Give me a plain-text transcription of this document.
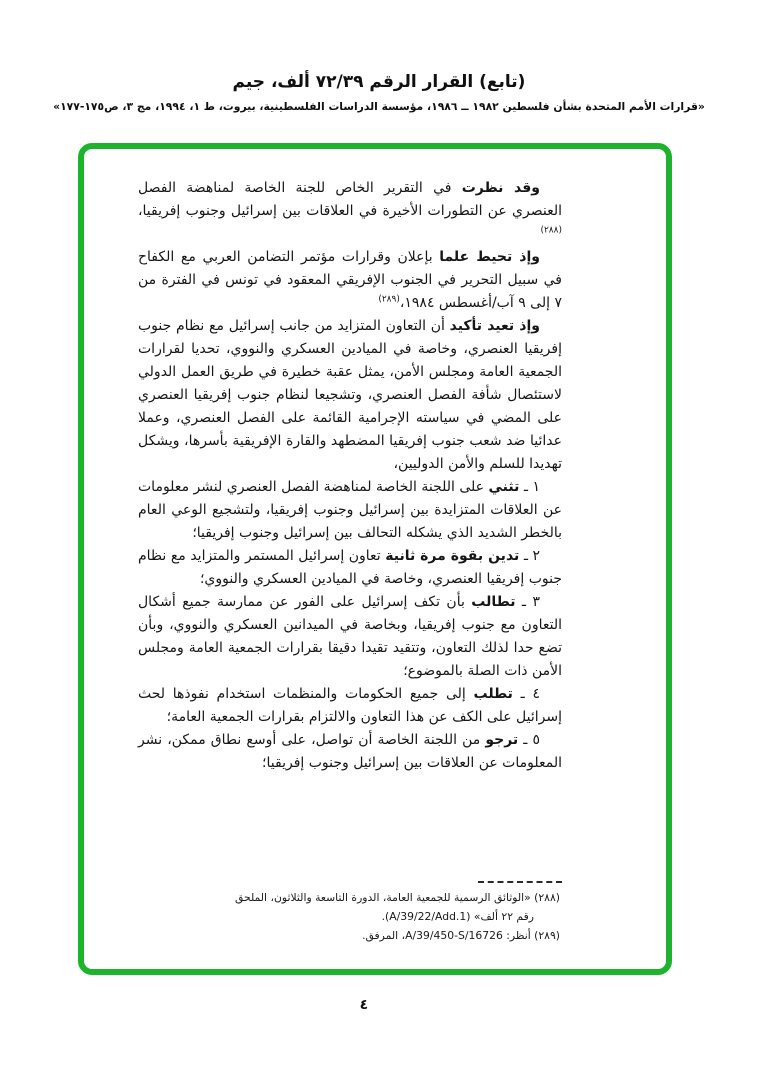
(تابع) القرار الرقم ٧٢/٣٩ ألف، جيم
«قرارات الأمم المتحدة بشأن فلسطين ١٩٨٢ ــ ١٩٨٦، مؤسسة الدراسات الفلسطينية، بيروت، ط ١، ١٩٩٤، مج ٣، ص١٧٥-١٧٧»

وقد نظرت في التقرير الخاص للجنة الخاصة لمناهضة الفصل العنصري عن التطورات الأخيرة في العلاقات بين إسرائيل وجنوب إفريقيا،$^{(٢٨٨)}$

وإذ تحيط علما بإعلان وقرارات مؤتمر التضامن العربي مع الكفاح في سبيل التحرير في الجنوب الإفريقي المعقود في تونس في الفترة من ٧ إلى ٩ آب/أغسطس ١٩٨٤،$^{(٢٨٩)}$

وإذ تعيد تأكيد أن التعاون المتزايد من جانب إسرائيل مع نظام جنوب إفريقيا العنصري، وخاصة في الميادين العسكري والنووي، تحديا لقرارات الجمعية العامة ومجلس الأمن، يمثل عقبة خطيرة في طريق العمل الدولي لاستئصال شأفة الفصل العنصري، وتشجيعا لنظام جنوب إفريقيا العنصري على المضي في سياسته الإجرامية القائمة على الفصل العنصري، وعملا عدائيا ضد شعب جنوب إفريقيا المضطهد والقارة الإفريقية بأسرها، ويشكل تهديدا للسلم والأمن الدوليين،

١ ـ تثني على اللجنة الخاصة لمناهضة الفصل العنصري لنشر معلومات عن العلاقات المتزايدة بين إسرائيل وجنوب إفريقيا، ولتشجيع الوعي العام بالخطر الشديد الذي يشكله التحالف بين إسرائيل وجنوب إفريقيا؛

٢ ـ تدين بقوة مرة ثانية تعاون إسرائيل المستمر والمتزايد مع نظام جنوب إفريقيا العنصري، وخاصة في الميادين العسكري والنووي؛

٣ ـ تطالب بأن تكف إسرائيل على الفور عن ممارسة جميع أشكال التعاون مع جنوب إفريقيا، وبخاصة في الميدانين العسكري والنووي، وبأن تضع حدا لذلك التعاون، وتتقيد تقيدا دقيقا بقرارات الجمعية العامة ومجلس الأمن ذات الصلة بالموضوع؛

٤ ـ تطلب إلى جميع الحكومات والمنظمات استخدام نفوذها لحث إسرائيل على الكف عن هذا التعاون والالتزام بقرارات الجمعية العامة؛

٥ ـ ترجو من اللجنة الخاصة أن تواصل، على أوسع نطاق ممكن، نشر المعلومات عن العلاقات بين إسرائيل وجنوب إفريقيا؛

(٢٨٨) «الوثائق الرسمية للجمعية العامة، الدورة التاسعة والثلاثون، الملحق رقم ٢٢ ألف» (A/39/22/Add.1).

(٢٨٩) أنظر: A/39/450-S/16726، المرفق.

٤
